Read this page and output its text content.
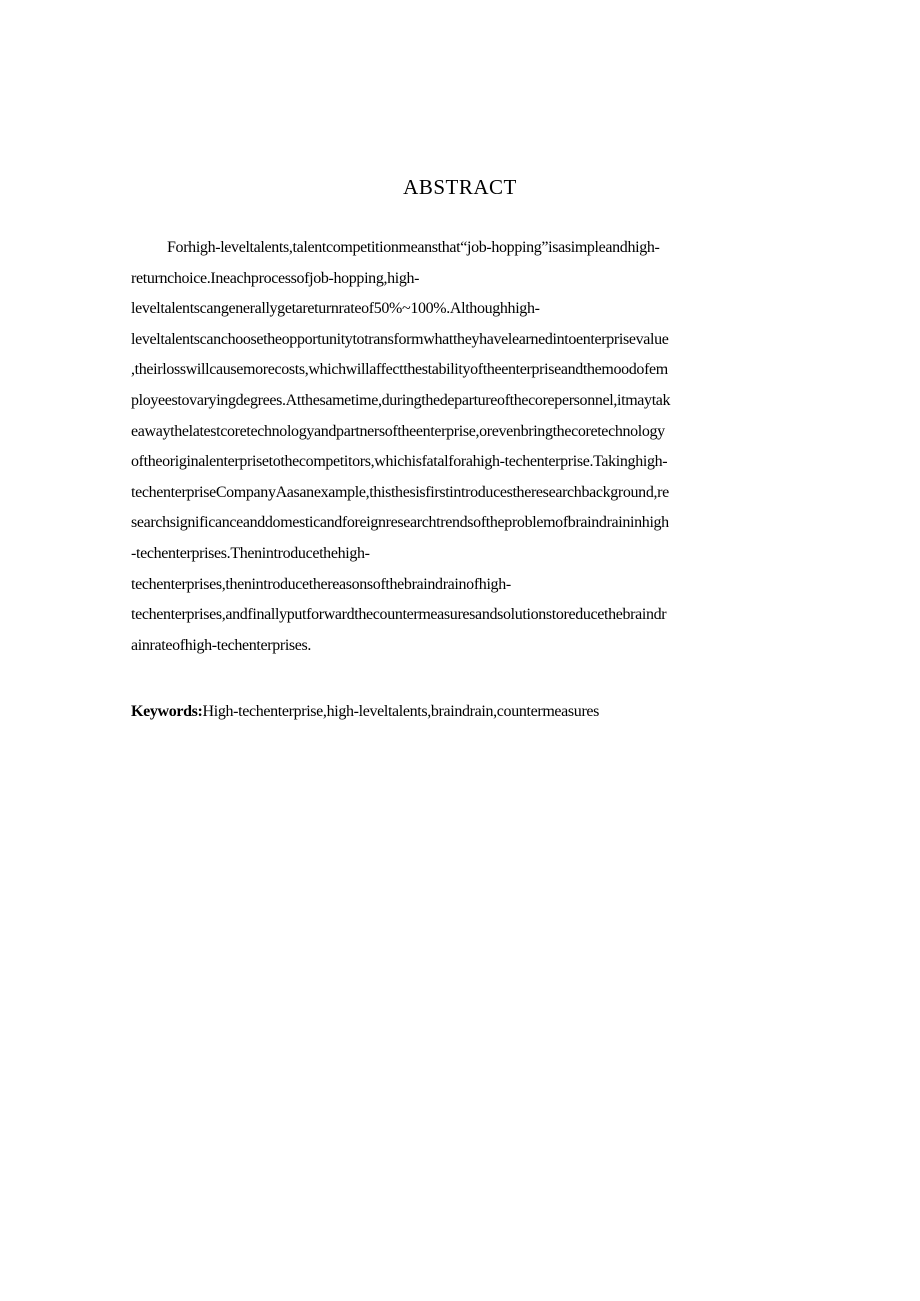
ABSTRACT
Forhigh-leveltalents,talentcompetitionmeansthat“job-hopping”isasimpleandhigh-
returnchoice.Ineachprocessofjob-hopping,high-
leveltalentscangenerallygetareturnrateof50%~100%.Althoughhigh-
leveltalentscanchoosetheopportunitytotransformwhattheyhavelearnedintoenterprisevalue
,theirlosswillcausemorecosts,whichwillaffectthestabilityoftheenterpriseandthemoodofem
ployeestovaryingdegrees.Atthesametime,duringthedepartureofthecorepersonnel,itmaytak
eawaythelatestcoretechnologyandpartnersoftheenterprise,orevenbringthecoretechnology
oftheoriginalenterprisetothecompetitors,whichisfatalforahigh-techenterprise.Takinghigh-
techenterpriseCompanyAasanexample,thisthesisfirstintroducestheresearchbackground,re
searchsignificanceanddomesticandforeignresearchtrendsoftheproblemofbraindraininhigh
-techenterprises.Thenintroducethehigh-
techenterprises,thenintroducethereasonsofthebraindrainofhigh-
techenterprises,andfinallyputforwardthecountermeasuresandsolutionstoreducethebraindr
ainrateofhigh-techenterprises.
Keywords:High-techenterprise,high-leveltalents,braindrain,countermeasures
